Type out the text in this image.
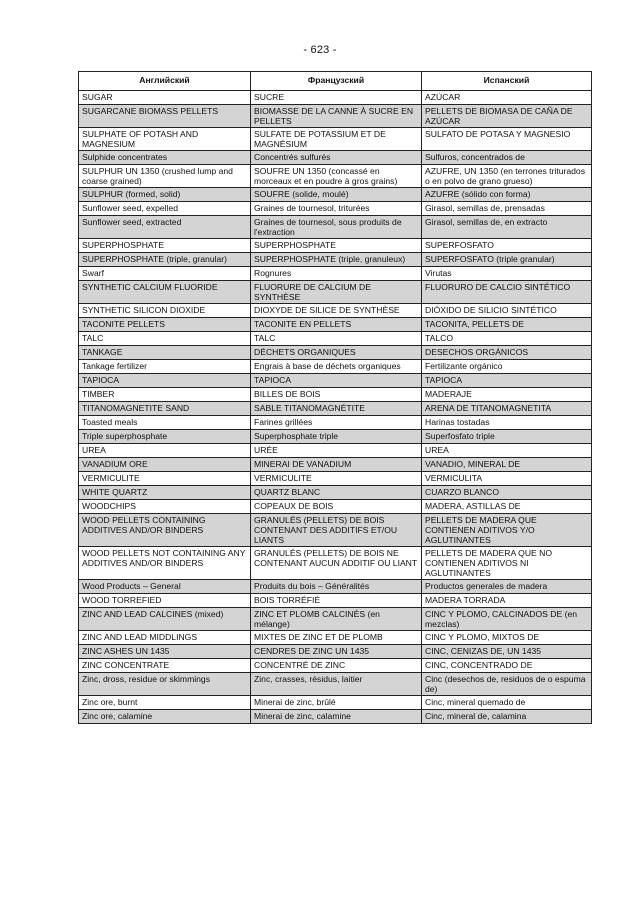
- 623 -
Английский	Французский	Испанский
SUGAR	SUCRE	AZÚCAR
SUGARCANE BIOMASS PELLETS	BIOMASSE DE LA CANNE À SUCRE EN PELLETS	PELLETS DE BIOMASA DE CAÑA DE AZÚCAR
SULPHATE OF POTASH AND MAGNESIUM	SULFATE DE POTASSIUM ET DE MAGNÉSIUM	SULFATO DE POTASA Y MAGNESIO
Sulphide concentrates	Concentrés sulfurés	Sulfuros, concentrados de
SULPHUR UN 1350 (crushed lump and coarse grained)	SOUFRE UN 1350 (concassé en morceaux et en poudre à gros grains)	AZUFRE, UN 1350 (en terrones triturados o en polvo de grano grueso)
SULPHUR (formed, solid)	SOUFRE (solide, moulé)	AZUFRE (sólido con forma)
Sunflower seed, expelled	Graines de tournesol, triturées	Girasol, semillas de, prensadas
Sunflower seed, extracted	Graines de tournesol, sous produits de l'extraction	Girasol, semillas de, en extracto
SUPERPHOSPHATE	SUPERPHOSPHATE	SUPERFOSFATO
SUPERPHOSPHATE (triple, granular)	SUPERPHOSPHATE (triple, granuleux)	SUPERFOSFATO (triple granular)
Swarf	Rognures	Virutas
SYNTHETIC CALCIUM FLUORIDE	FLUORURE DE CALCIUM DE SYNTHÈSE	FLUORURO DE CALCIO SINTÉTICO
SYNTHETIC SILICON DIOXIDE	DIOXYDE DE SILICE DE SYNTHÈSE	DIÓXIDO DE SILICIO SINTÉTICO
TACONITE PELLETS	TACONITE EN PELLETS	TACONITA, PELLETS DE
TALC	TALC	TALCO
TANKAGE	DÉCHETS ORGANIQUES	DESECHOS ORGÁNICOS
Tankage fertilizer	Engrais à base de déchets organiques	Fertilizante orgánico
TAPIOCA	TAPIOCA	TAPIOCA
TIMBER	BILLES DE BOIS	MADERAJE
TITANOMAGNETITE SAND	SABLE TITANOMAGNÉTITE	ARENA DE TITANOMAGNETITA
Toasted meals	Farines grillées	Harinas tostadas
Triple superphosphate	Superphosphate triple	Superfosfato triple
UREA	URÉE	UREA
VANADIUM ORE	MINERAI DE VANADIUM	VANADIO, MINERAL DE
VERMICULITE	VERMICULITE	VERMICULITA
WHITE QUARTZ	QUARTZ BLANC	CUARZO BLANCO
WOODCHIPS	COPEAUX DE BOIS	MADERA, ASTILLAS DE
WOOD PELLETS CONTAINING ADDITIVES AND/OR BINDERS	GRANULÉS (PELLETS) DE BOIS CONTENANT DES ADDITIFS ET/OU LIANTS	PELLETS DE MADERA QUE CONTIENEN ADITIVOS Y/O AGLUTINANTES
WOOD PELLETS NOT CONTAINING ANY ADDITIVES AND/OR BINDERS	GRANULÉS (PELLETS) DE BOIS NE CONTENANT AUCUN ADDITIF OU LIANT	PELLETS DE MADERA QUE NO CONTIENEN ADITIVOS NI AGLUTINANTES
Wood Products – General	Produits du bois – Généralités	Productos generales de madera
WOOD TORREFIED	BOIS TORRÉFIÉ	MADERA TORRADA
ZINC AND LEAD CALCINES (mixed)	ZINC ET PLOMB CALCINÉS (en mélange)	CINC Y PLOMO, CALCINADOS DE (en mezclas)
ZINC AND LEAD MIDDLINGS	MIXTES DE ZINC ET DE PLOMB	CINC Y PLOMO, MIXTOS DE
ZINC ASHES UN 1435	CENDRES DE ZINC UN 1435	CINC, CENIZAS DE, UN 1435
ZINC CONCENTRATE	CONCENTRÉ DE ZINC	CINC, CONCENTRADO DE
Zinc, dross, residue or skimmings	Zinc, crasses, résidus, laitier	Cinc (desechos de, residuos de o espuma de)
Zinc ore, burnt	Minerai de zinc, brûlé	Cinc, mineral quemado de
Zinc ore, calamine	Minerai de zinc, calamine	Cinc, mineral de, calamina
